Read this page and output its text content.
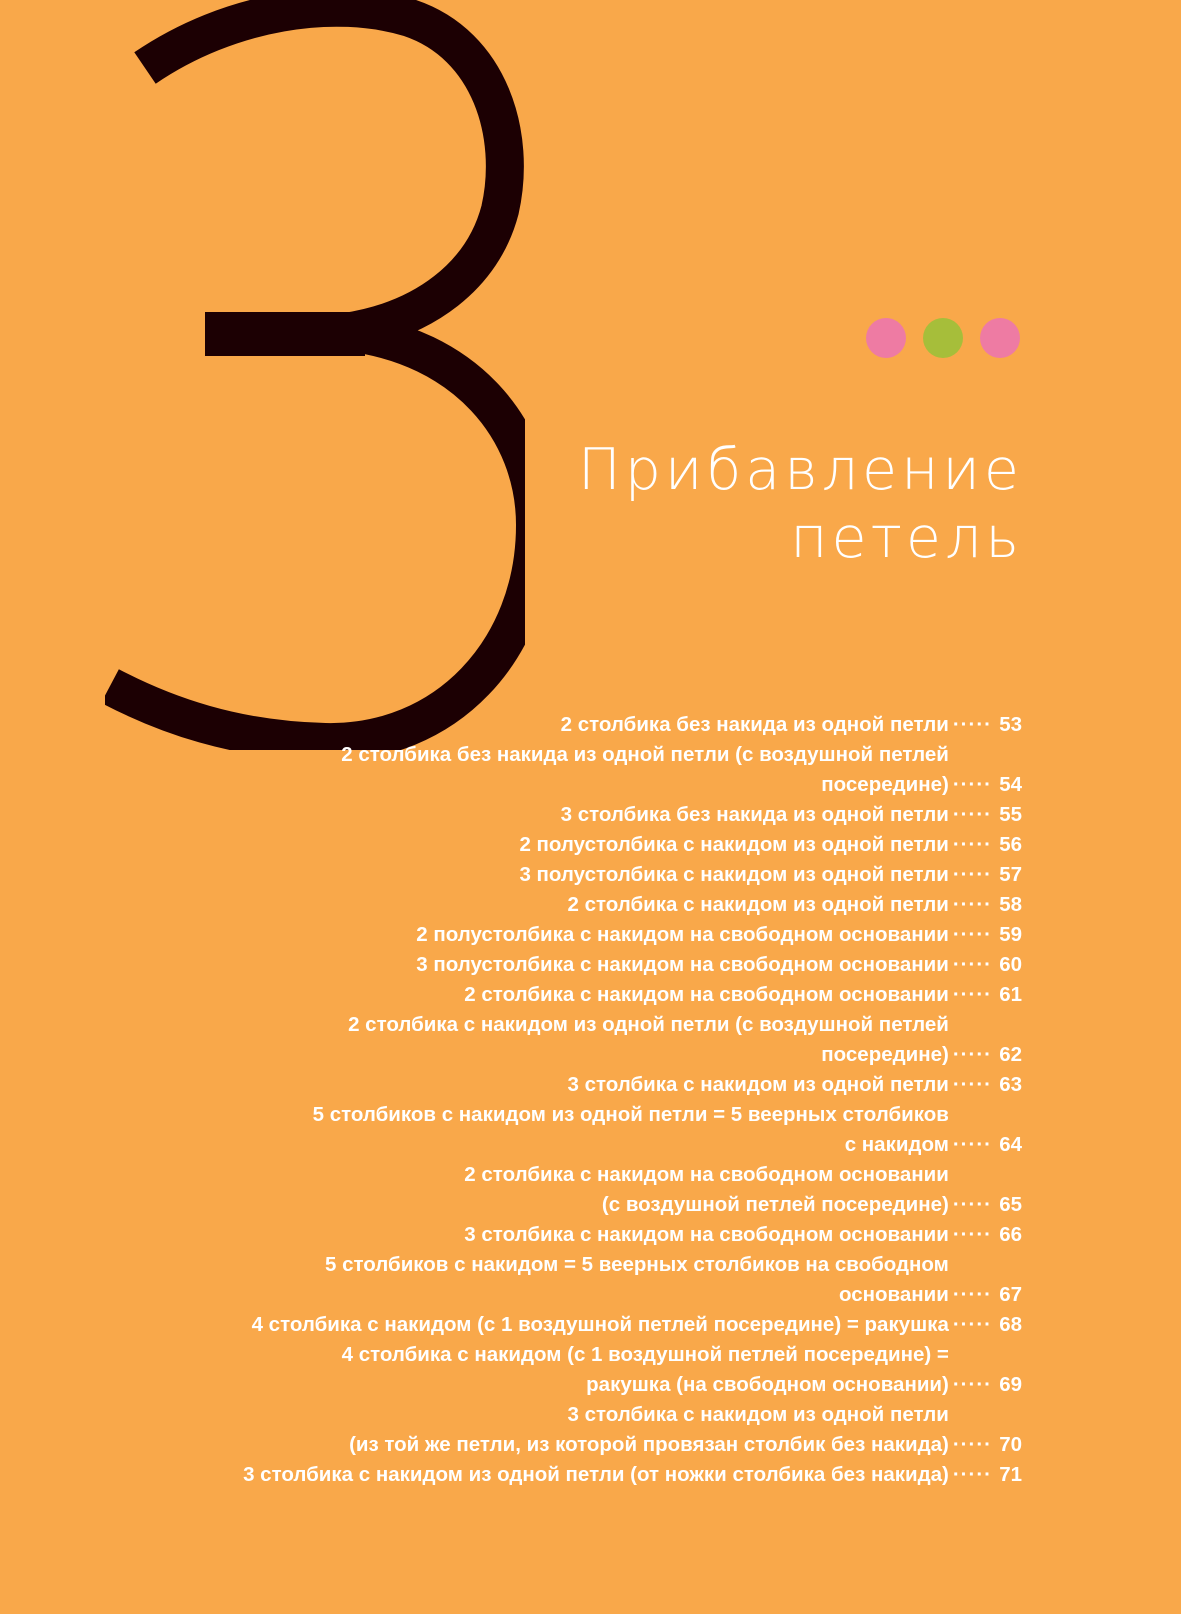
Прибавление
петель
2 столбика без накида из одной петли ····· 53
2 столбика без накида из одной петли (с воздушной петлей
посередине) ····· 54
3 столбика без накида из одной петли ····· 55
2 полустолбика с накидом из одной петли ····· 56
3 полустолбика с накидом из одной петли ····· 57
2 столбика с накидом из одной петли ····· 58
2 полустолбика с накидом на свободном основании ····· 59
3 полустолбика с накидом на свободном основании ····· 60
2 столбика с накидом на свободном основании ····· 61
2 столбика с накидом из одной петли (с воздушной петлей
посередине) ····· 62
3 столбика с накидом из одной петли ····· 63
5 столбиков с накидом из одной петли = 5 веерных столбиков
с накидом ····· 64
2 столбика с накидом на свободном основании
(с воздушной петлей посередине) ····· 65
3 столбика с накидом на свободном основании ····· 66
5 столбиков с накидом = 5 веерных столбиков на свободном
основании ····· 67
4 столбика с накидом (с 1 воздушной петлей посередине) = ракушка ····· 68
4 столбика с накидом (с 1 воздушной петлей посередине) =
ракушка (на свободном основании) ····· 69
3 столбика с накидом из одной петли
(из той же петли, из которой провязан столбик без накида) ····· 70
3 столбика с накидом из одной петли (от ножки столбика без накида) ····· 71
